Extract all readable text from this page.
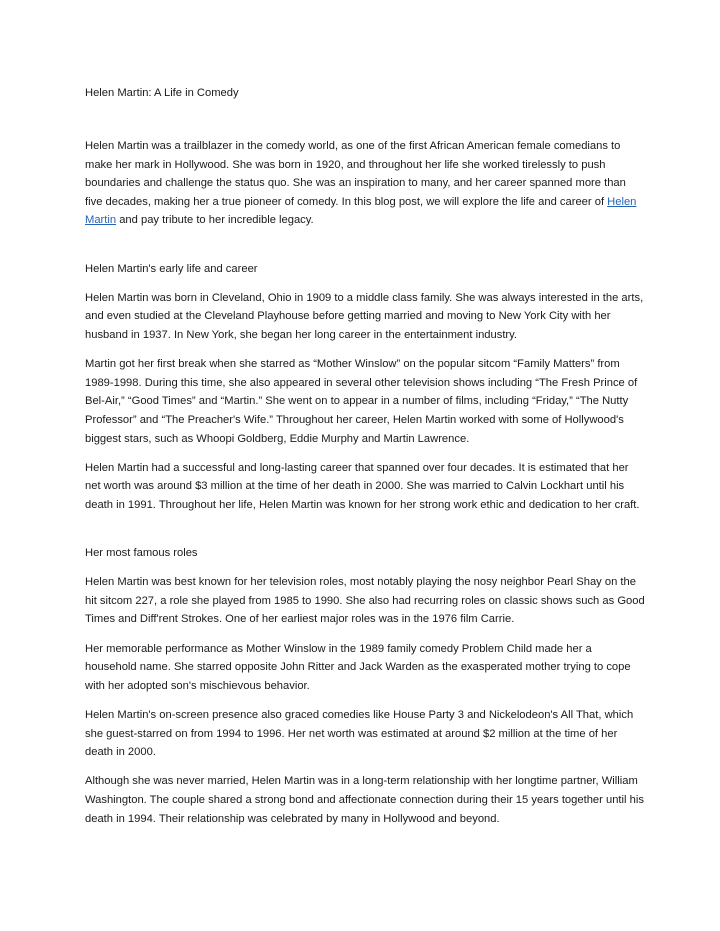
Helen Martin: A Life in Comedy

Helen Martin was a trailblazer in the comedy world, as one of the first African American female comedians to make her mark in Hollywood. She was born in 1920, and throughout her life she worked tirelessly to push boundaries and challenge the status quo. She was an inspiration to many, and her career spanned more than five decades, making her a true pioneer of comedy. In this blog post, we will explore the life and career of Helen Martin and pay tribute to her incredible legacy.

Helen Martin's early life and career

Helen Martin was born in Cleveland, Ohio in 1909 to a middle class family. She was always interested in the arts, and even studied at the Cleveland Playhouse before getting married and moving to New York City with her husband in 1937. In New York, she began her long career in the entertainment industry.

Martin got her first break when she starred as “Mother Winslow” on the popular sitcom “Family Matters” from 1989-1998. During this time, she also appeared in several other television shows including “The Fresh Prince of Bel-Air,” “Good Times” and “Martin.” She went on to appear in a number of films, including “Friday,” “The Nutty Professor” and “The Preacher's Wife.” Throughout her career, Helen Martin worked with some of Hollywood's biggest stars, such as Whoopi Goldberg, Eddie Murphy and Martin Lawrence.

Helen Martin had a successful and long-lasting career that spanned over four decades. It is estimated that her net worth was around $3 million at the time of her death in 2000. She was married to Calvin Lockhart until his death in 1991. Throughout her life, Helen Martin was known for her strong work ethic and dedication to her craft.

Her most famous roles

Helen Martin was best known for her television roles, most notably playing the nosy neighbor Pearl Shay on the hit sitcom 227, a role she played from 1985 to 1990. She also had recurring roles on classic shows such as Good Times and Diff'rent Strokes. One of her earliest major roles was in the 1976 film Carrie.

Her memorable performance as Mother Winslow in the 1989 family comedy Problem Child made her a household name. She starred opposite John Ritter and Jack Warden as the exasperated mother trying to cope with her adopted son's mischievous behavior.

Helen Martin's on-screen presence also graced comedies like House Party 3 and Nickelodeon's All That, which she guest-starred on from 1994 to 1996. Her net worth was estimated at around $2 million at the time of her death in 2000.

Although she was never married, Helen Martin was in a long-term relationship with her longtime partner, William Washington. The couple shared a strong bond and affectionate connection during their 15 years together until his death in 1994. Their relationship was celebrated by many in Hollywood and beyond.
